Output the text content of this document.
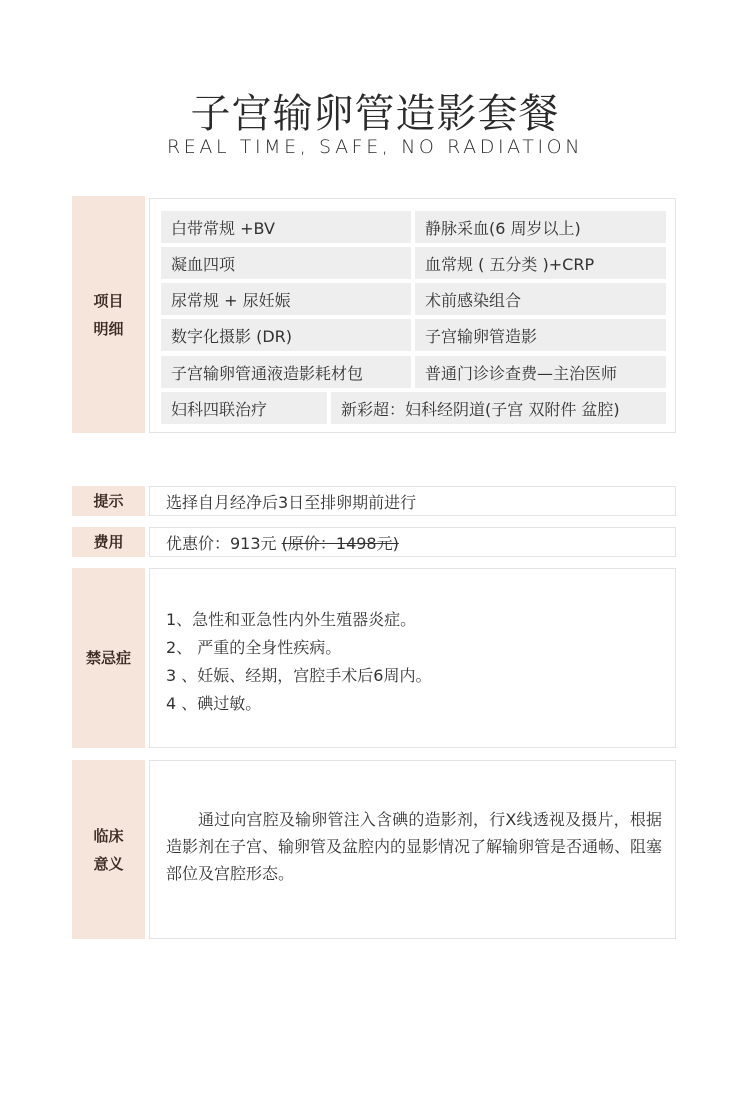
子宫输卵管造影套餐
REAL TIME, SAFE, NO RADIATION
项目
明细
白带常规 +BV	静脉采血(6 周岁以上)
凝血四项	血常规 ( 五分类 )+CRP
尿常规 + 尿妊娠	术前感染组合
数字化摄影 (DR)	子宫输卵管造影
子宫输卵管通液造影耗材包	普通门诊诊查费—主治医师
妇科四联治疗	新彩超：妇科经阴道(子宫 双附件 盆腔)
提示	选择自月经净后3日至排卵期前进行
费用	优惠价：913元 (原价：1498元)
禁忌症
1、急性和亚急性内外生殖器炎症。
2、 严重的全身性疾病。
3 、妊娠、经期，宫腔手术后6周内。
4 、碘过敏。
临床
意义
通过向宫腔及输卵管注入含碘的造影剂，行X线透视及摄片，根据造影剂在子宫、输卵管及盆腔内的显影情况了解输卵管是否通畅、阻塞部位及宫腔形态。
